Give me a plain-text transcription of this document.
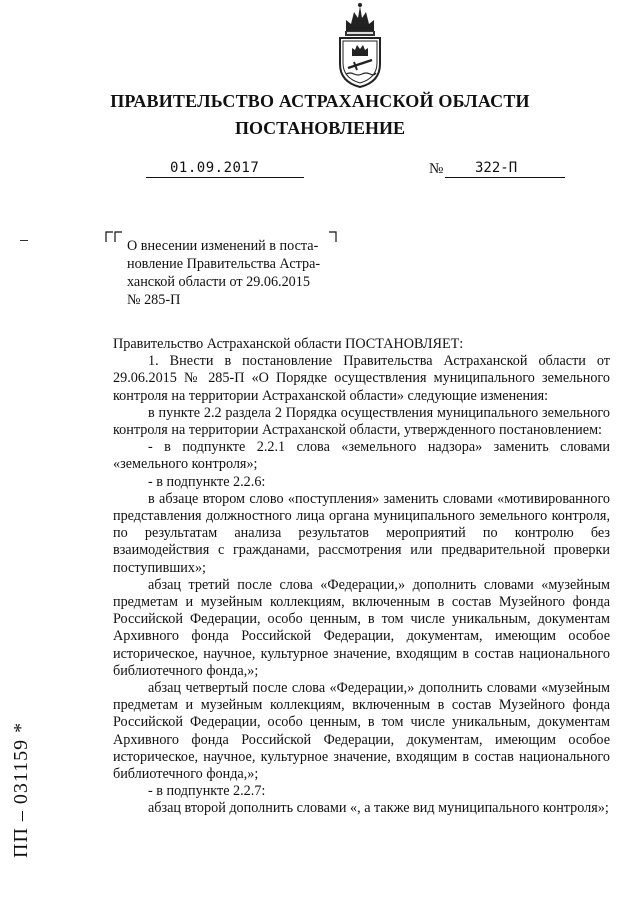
ПРАВИТЕЛЬСТВО АСТРАХАНСКОЙ ОБЛАСТИ
ПОСТАНОВЛЕНИЕ
01.09.2017	№ 322-П
О внесении изменений в поста-
новление Правительства Астра-
ханской области от 29.06.2015
№ 285-П

Правительство Астраханской области ПОСТАНОВЛЯЕТ:

1. Внести в постановление Правительства Астраханской области от 29.06.2015 № 285-П «О Порядке осуществления муниципального земельного контроля на территории Астраханской области» следующие изменения:

в пункте 2.2 раздела 2 Порядка осуществления муниципального земельного контроля на территории Астраханской области, утвержденного постановлением:

- в подпункте 2.2.1 слова «земельного надзора» заменить словами «земельного контроля»;

- в подпункте 2.2.6:

в абзаце втором слово «поступления» заменить словами «мотивированного представления должностного лица органа муниципального земельного контроля, по результатам анализа результатов мероприятий по контролю без взаимодействия с гражданами, рассмотрения или предварительной проверки поступивших»;

абзац третий после слова «Федерации,» дополнить словами «музейным предметам и музейным коллекциям, включенным в состав Музейного фонда Российской Федерации, особо ценным, в том числе уникальным, документам Архивного фонда Российской Федерации, документам, имеющим особое историческое, научное, культурное значение, входящим в состав национального библиотечного фонда,»;

абзац четвертый после слова «Федерации,» дополнить словами «музейным предметам и музейным коллекциям, включенным в состав Музейного фонда Российской Федерации, особо ценным, в том числе уникальным, документам Архивного фонда Российской Федерации, документам, имеющим особое историческое, научное, культурное значение, входящим в состав национального библиотечного фонда,»;

- в подпункте 2.2.7:

абзац второй дополнить словами «, а также вид муниципального контроля»;

ПП – 031159 *
